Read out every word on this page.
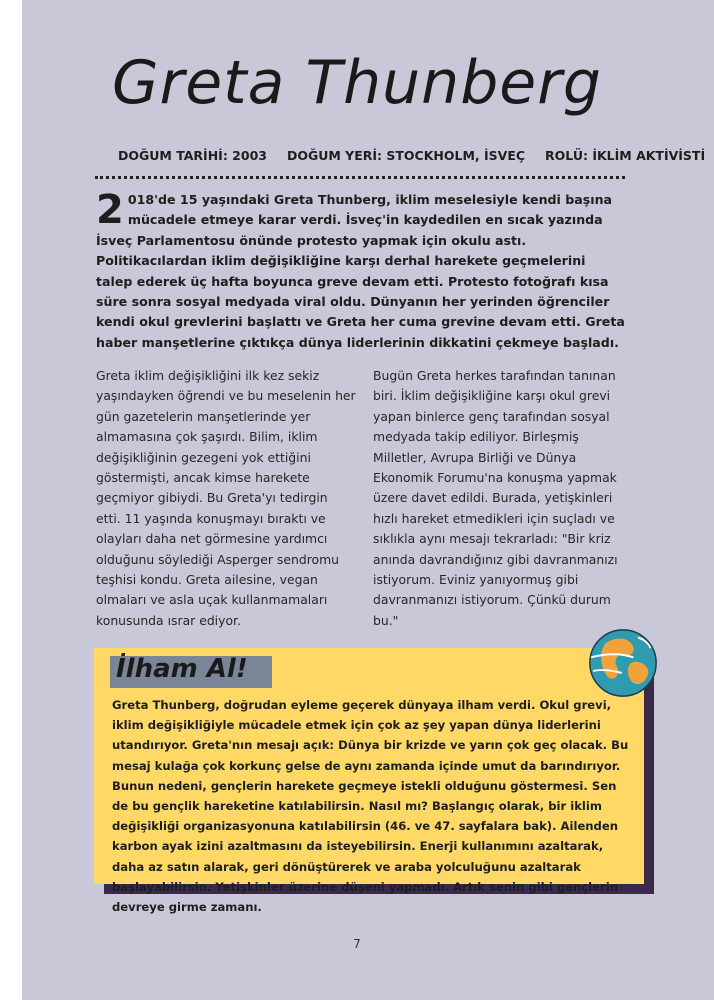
Greta Thunberg
DOĞUM TARİHİ: 2003 DOĞUM YERİ: STOCKHOLM, İSVEÇ ROLÜ: İKLİM AKTİVİSTİ

2 018'de 15 yaşındaki Greta Thunberg, iklim meselesiyle kendi başına mücadele etmeye karar verdi. İsveç'in kaydedilen en sıcak yazında İsveç Parlamentosu önünde protesto yapmak için okulu astı. Politikacılardan iklim değişikliğine karşı derhal harekete geçmelerini talep ederek üç hafta boyunca greve devam etti. Protesto fotoğrafı kısa süre sonra sosyal medyada viral oldu. Dünyanın her yerinden öğrenciler kendi okul grevlerini başlattı ve Greta her cuma grevine devam etti. Greta haber manşetlerine çıktıkça dünya liderlerinin dikkatini çekmeye başladı.

Greta iklim değişikliğini ilk kez sekiz yaşındayken öğrendi ve bu meselenin her gün gazetelerin manşetlerinde yer almamasına çok şaşırdı. Bilim, iklim değişikliğinin gezegeni yok ettiğini göstermişti, ancak kimse harekete geçmiyor gibiydi. Bu Greta'yı tedirgin etti. 11 yaşında konuşmayı bıraktı ve olayları daha net görmesine yardımcı olduğunu söylediği Asperger sendromu teşhisi kondu. Greta ailesine, vegan olmaları ve asla uçak kullanmamaları konusunda ısrar ediyor.

Bugün Greta herkes tarafından tanınan biri. İklim değişikliğine karşı okul grevi yapan binlerce genç tarafından sosyal medyada takip ediliyor. Birleşmiş Milletler, Avrupa Birliği ve Dünya Ekonomik Forumu'na konuşma yapmak üzere davet edildi. Burada, yetişkinleri hızlı hareket etmedikleri için suçladı ve sıklıkla aynı mesajı tekrarladı: "Bir kriz anında davrandığınız gibi davranmanızı istiyorum. Eviniz yanıyormuş gibi davranmanızı istiyorum. Çünkü durum bu."

İlham Al!

Greta Thunberg, doğrudan eyleme geçerek dünyaya ilham verdi. Okul grevi, iklim değişikliğiyle mücadele etmek için çok az şey yapan dünya liderlerini utandırıyor. Greta'nın mesajı açık: Dünya bir krizde ve yarın çok geç olacak. Bu mesaj kulağa çok korkunç gelse de aynı zamanda içinde umut da barındırıyor. Bunun nedeni, gençlerin harekete geçmeye istekli olduğunu göstermesi. Sen de bu gençlik hareketine katılabilirsin. Nasıl mı? Başlangıç olarak, bir iklim değişikliği organizasyonuna katılabilirsin (46. ve 47. sayfalara bak). Ailenden karbon ayak izini azaltmasını da isteyebilirsin. Enerji kullanımını azaltarak, daha az satın alarak, geri dönüştürerek ve araba yolculuğunu azaltarak başlayabilirsin. Yetişkinler üzerine düşeni yapmadı. Artık senin gibi gençlerin devreye girme zamanı.

7
